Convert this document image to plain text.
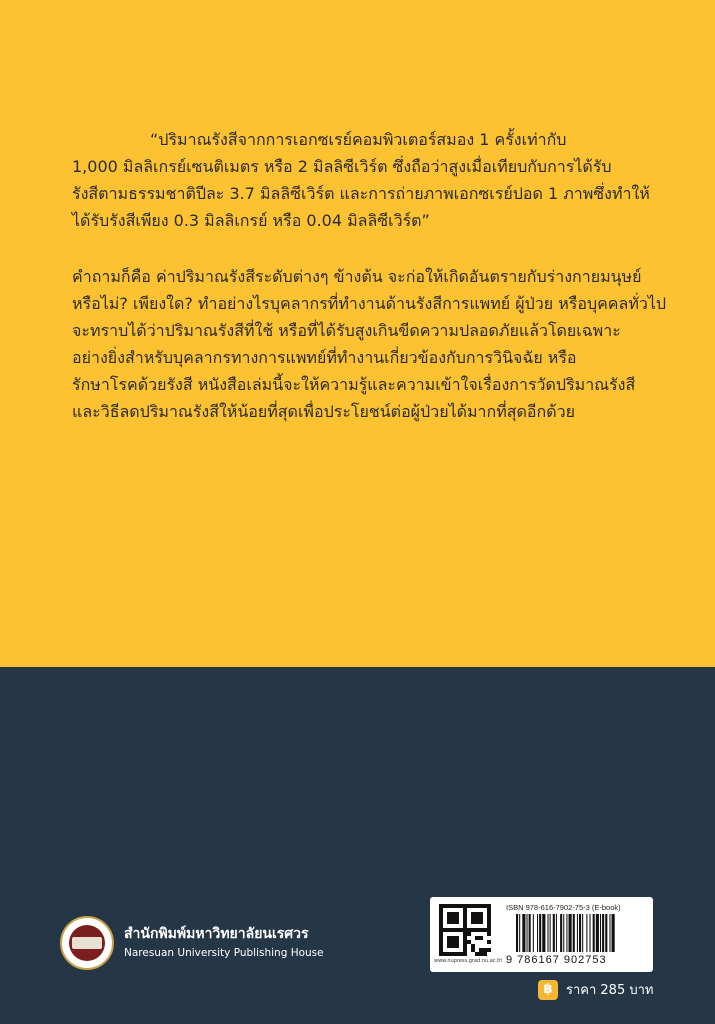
“ปริมาณรังสีจากการเอกซเรย์คอมพิวเตอร์สมอง 1 ครั้งเท่ากับ

1,000 มิลลิเกรย์เซนติเมตร หรือ 2 มิลลิซีเวิร์ต ซึ่งถือว่าสูงเมื่อเทียบกับการได้รับ

รังสีตามธรรมชาติปีละ 3.7 มิลลิซีเวิร์ต และการถ่ายภาพเอกซเรย์ปอด 1 ภาพซึ่งทำให้

ได้รับรังสีเพียง 0.3 มิลลิเกรย์ หรือ 0.04 มิลลิซีเวิร์ต”

คำถามก็คือ ค่าปริมาณรังสีระดับต่างๆ ข้างต้น จะก่อให้เกิดอันตรายกับร่างกายมนุษย์

หรือไม่? เพียงใด? ทำอย่างไรบุคลากรที่ทำงานด้านรังสีการแพทย์ ผู้ป่วย หรือบุคคลทั่วไป

จะทราบได้ว่าปริมาณรังสีที่ใช้ หรือที่ได้รับสูงเกินขีดความปลอดภัยแล้วโดยเฉพาะ

อย่างยิ่งสำหรับบุคลากรทางการแพทย์ที่ทำงานเกี่ยวข้องกับการวินิจฉัย หรือ

รักษาโรคด้วยรังสี หนังสือเล่มนี้จะให้ความรู้และความเข้าใจเรื่องการวัดปริมาณรังสี

และวิธีลดปริมาณรังสีให้น้อยที่สุดเพื่อประโยชน์ต่อผู้ป่วยได้มากที่สุดอีกด้วย

สำนักพิมพ์มหาวิทยาลัยนเรศวร
Naresuan University Publishing House
www.nupress.grad.nu.ac.th
ISBN 978-616-7902-75-3 (E-book)
9 786167 902753
฿	ราคา 285 บาท
